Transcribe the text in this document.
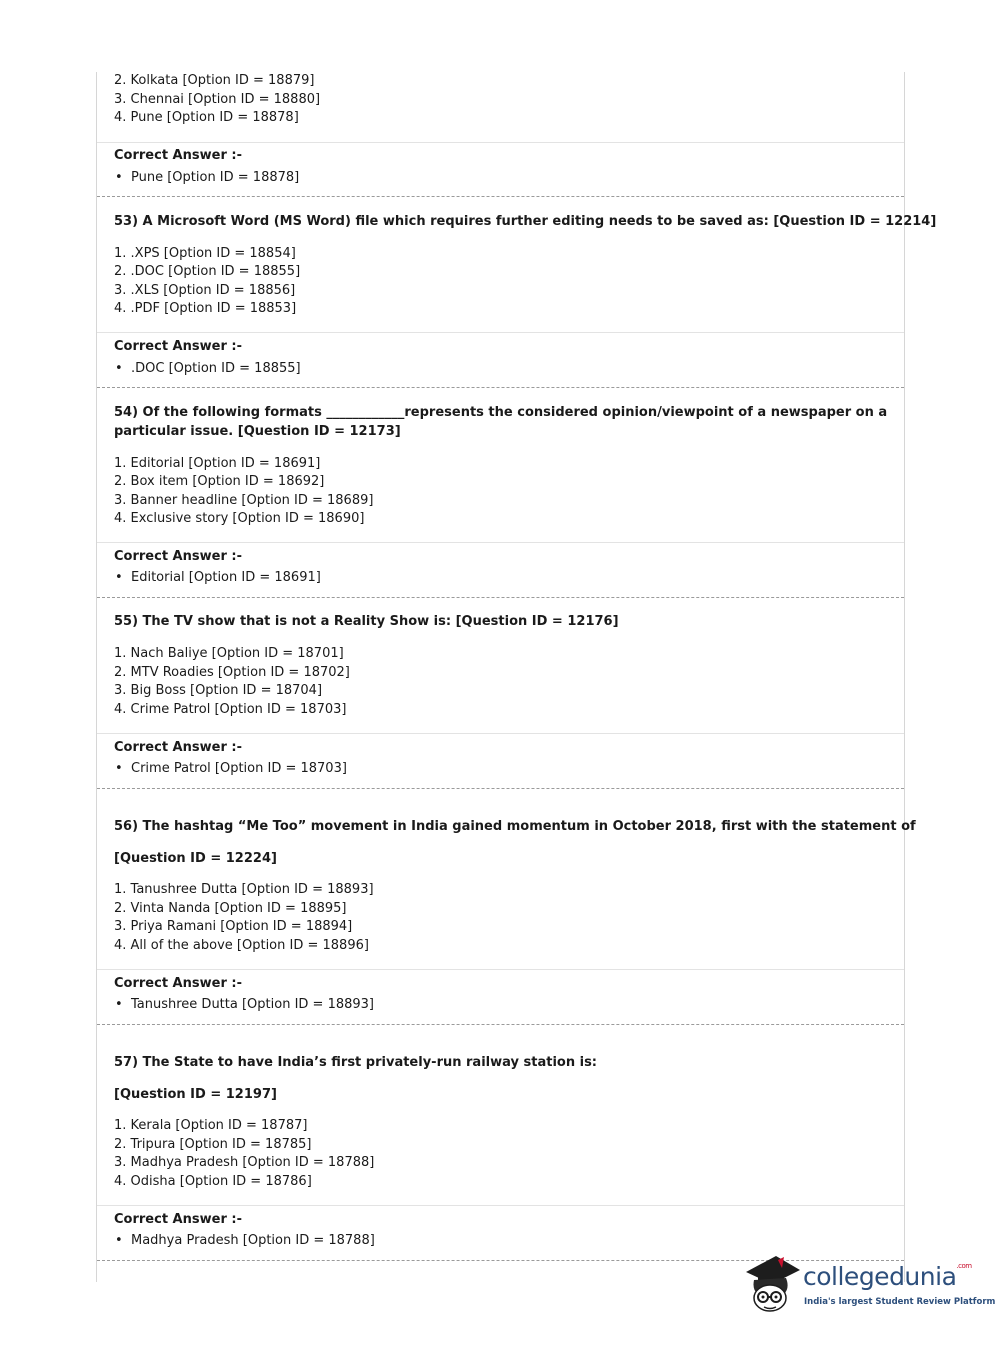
2. Kolkata [Option ID = 18879]
3. Chennai [Option ID = 18880]
4. Pune [Option ID = 18878]
Correct Answer :-
• Pune [Option ID = 18878]
53) A Microsoft Word (MS Word) file which requires further editing needs to be saved as: [Question ID = 12214]
1. .XPS [Option ID = 18854]
2. .DOC [Option ID = 18855]
3. .XLS [Option ID = 18856]
4. .PDF [Option ID = 18853]
Correct Answer :-
• .DOC [Option ID = 18855]
54) Of the following formats ____________represents the considered opinion/viewpoint of a newspaper on a
particular issue. [Question ID = 12173]
1. Editorial [Option ID = 18691]
2. Box item [Option ID = 18692]
3. Banner headline [Option ID = 18689]
4. Exclusive story [Option ID = 18690]
Correct Answer :-
• Editorial [Option ID = 18691]
55) The TV show that is not a Reality Show is: [Question ID = 12176]
1. Nach Baliye [Option ID = 18701]
2. MTV Roadies [Option ID = 18702]
3. Big Boss [Option ID = 18704]
4. Crime Patrol [Option ID = 18703]
Correct Answer :-
• Crime Patrol [Option ID = 18703]
56) The hashtag “Me Too” movement in India gained momentum in October 2018, first with the statement of
[Question ID = 12224]
1. Tanushree Dutta [Option ID = 18893]
2. Vinta Nanda [Option ID = 18895]
3. Priya Ramani [Option ID = 18894]
4. All of the above [Option ID = 18896]
Correct Answer :-
• Tanushree Dutta [Option ID = 18893]
57) The State to have India’s first privately-run railway station is:
[Question ID = 12197]
1. Kerala [Option ID = 18787]
2. Tripura [Option ID = 18785]
3. Madhya Pradesh [Option ID = 18788]
4. Odisha [Option ID = 18786]
Correct Answer :-
• Madhya Pradesh [Option ID = 18788]
collegedunia$^{.com}$
India's largest Student Review Platform
